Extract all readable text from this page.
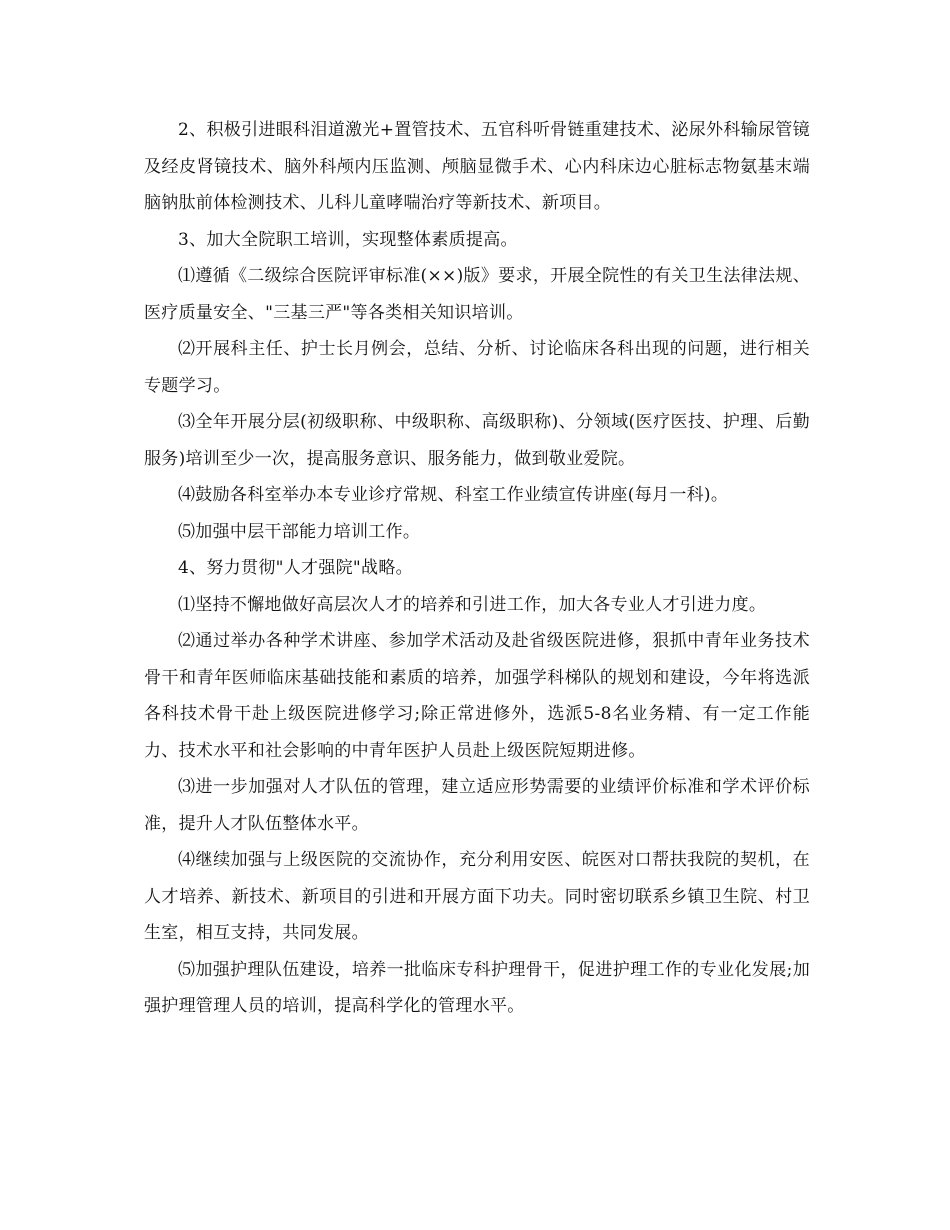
2、积极引进眼科泪道激光+置管技术、五官科听骨链重建技术、泌尿外科输尿管镜及经皮肾镜技术、脑外科颅内压监测、颅脑显微手术、心内科床边心脏标志物氨基末端脑钠肽前体检测技术、儿科儿童哮喘治疗等新技术、新项目。

3、加大全院职工培训，实现整体素质提高。

⑴遵循《二级综合医院评审标准(××)版》要求，开展全院性的有关卫生法律法规、医疗质量安全、"三基三严"等各类相关知识培训。

⑵开展科主任、护士长月例会，总结、分析、讨论临床各科出现的问题，进行相关专题学习。

⑶全年开展分层(初级职称、中级职称、高级职称)、分领域(医疗医技、护理、后勤服务)培训至少一次，提高服务意识、服务能力，做到敬业爱院。

⑷鼓励各科室举办本专业诊疗常规、科室工作业绩宣传讲座(每月一科)。

⑸加强中层干部能力培训工作。

4、努力贯彻"人才强院"战略。

⑴坚持不懈地做好高层次人才的培养和引进工作，加大各专业人才引进力度。

⑵通过举办各种学术讲座、参加学术活动及赴省级医院进修，狠抓中青年业务技术骨干和青年医师临床基础技能和素质的培养，加强学科梯队的规划和建设，今年将选派各科技术骨干赴上级医院进修学习;除正常进修外，选派5-8名业务精、有一定工作能力、技术水平和社会影响的中青年医护人员赴上级医院短期进修。

⑶进一步加强对人才队伍的管理，建立适应形势需要的业绩评价标准和学术评价标准，提升人才队伍整体水平。

⑷继续加强与上级医院的交流协作，充分利用安医、皖医对口帮扶我院的契机，在人才培养、新技术、新项目的引进和开展方面下功夫。同时密切联系乡镇卫生院、村卫生室，相互支持，共同发展。

⑸加强护理队伍建设，培养一批临床专科护理骨干，促进护理工作的专业化发展;加强护理管理人员的培训，提高科学化的管理水平。
